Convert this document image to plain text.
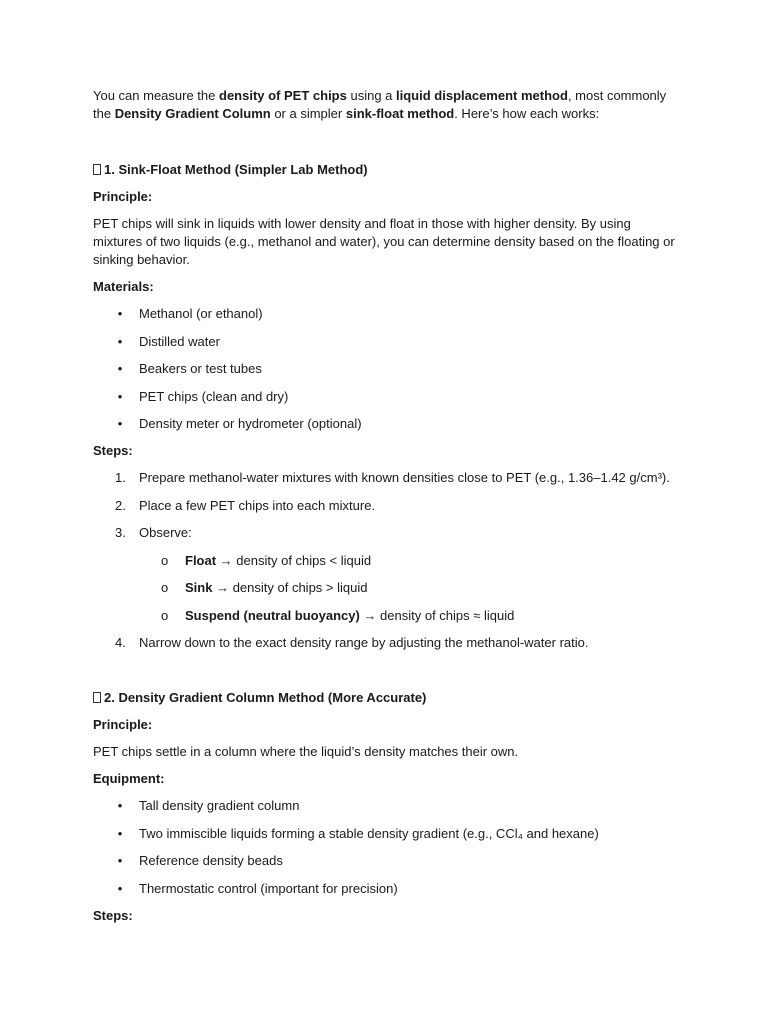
You can measure the density of PET chips using a liquid displacement method, most commonly the Density Gradient Column or a simpler sink-float method. Here’s how each works:

1. Sink-Float Method (Simpler Lab Method)

Principle:

PET chips will sink in liquids with lower density and float in those with higher density. By using mixtures of two liquids (e.g., methanol and water), you can determine density based on the floating or sinking behavior.

Materials:

• Methanol (or ethanol)
• Distilled water
• Beakers or test tubes
• PET chips (clean and dry)
• Density meter or hydrometer (optional)

Steps:

1. Prepare methanol-water mixtures with known densities close to PET (e.g., 1.36–1.42 g/cm³).
2. Place a few PET chips into each mixture.
3. Observe:
o	Float → density of chips < liquid
o	Sink → density of chips > liquid
o	Suspend (neutral buoyancy) → density of chips ≈ liquid
4. Narrow down to the exact density range by adjusting the methanol-water ratio.

2. Density Gradient Column Method (More Accurate)

Principle:

PET chips settle in a column where the liquid’s density matches their own.

Equipment:

• Tall density gradient column
• Two immiscible liquids forming a stable density gradient (e.g., CCl₄ and hexane)
• Reference density beads
• Thermostatic control (important for precision)

Steps:
